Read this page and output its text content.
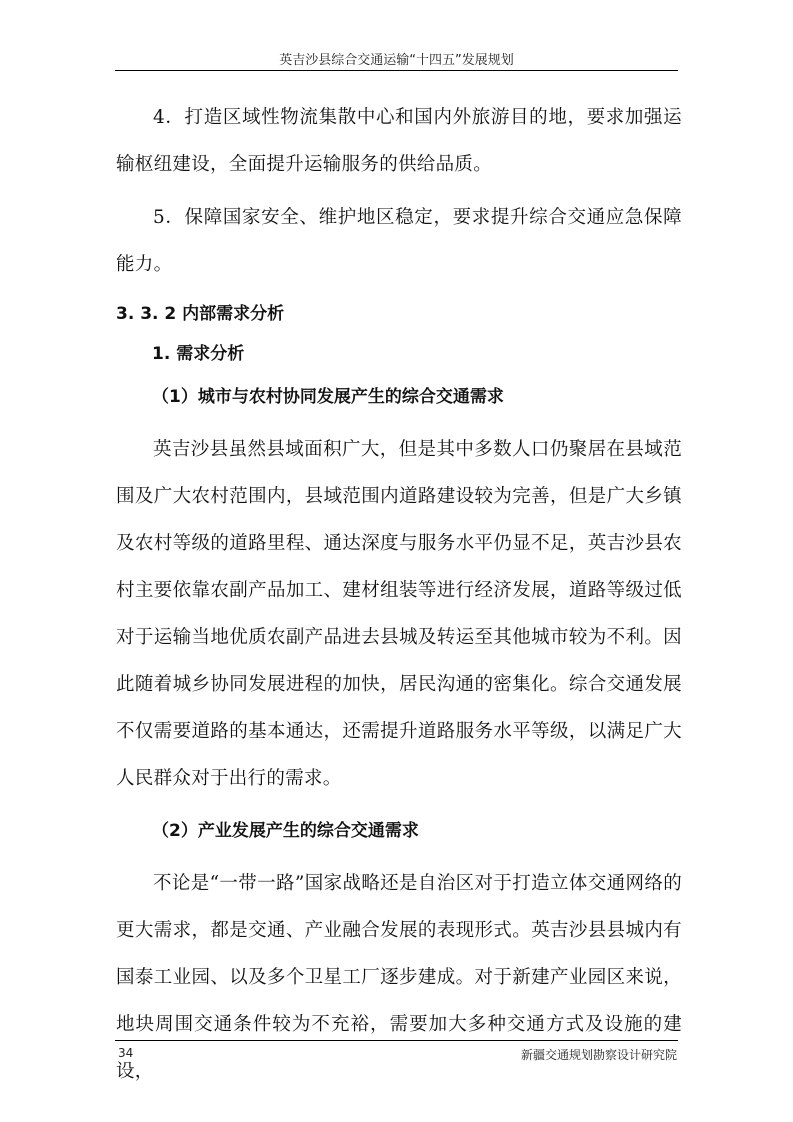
英吉沙县综合交通运输“十四五”发展规划

4．打造区域性物流集散中心和国内外旅游目的地，要求加强运输枢纽建设，全面提升运输服务的供给品质。

5．保障国家安全、维护地区稳定，要求提升综合交通应急保障能力。

3. 3. 2 内部需求分析

1. 需求分析

（1）城市与农村协同发展产生的综合交通需求

英吉沙县虽然县域面积广大，但是其中多数人口仍聚居在县域范围及广大农村范围内，县域范围内道路建设较为完善，但是广大乡镇及农村等级的道路里程、通达深度与服务水平仍显不足，英吉沙县农村主要依靠农副产品加工、建材组装等进行经济发展，道路等级过低对于运输当地优质农副产品进去县城及转运至其他城市较为不利。因此随着城乡协同发展进程的加快，居民沟通的密集化。综合交通发展不仅需要道路的基本通达，还需提升道路服务水平等级，以满足广大人民群众对于出行的需求。

（2）产业发展产生的综合交通需求

不论是“一带一路”国家战略还是自治区对于打造立体交通网络的更大需求，都是交通、产业融合发展的表现形式。英吉沙县县城内有国泰工业园、以及多个卫星工厂逐步建成。对于新建产业园区来说，地块周围交通条件较为不充裕，需要加大多种交通方式及设施的建设，

34	新疆交通规划勘察设计研究院
